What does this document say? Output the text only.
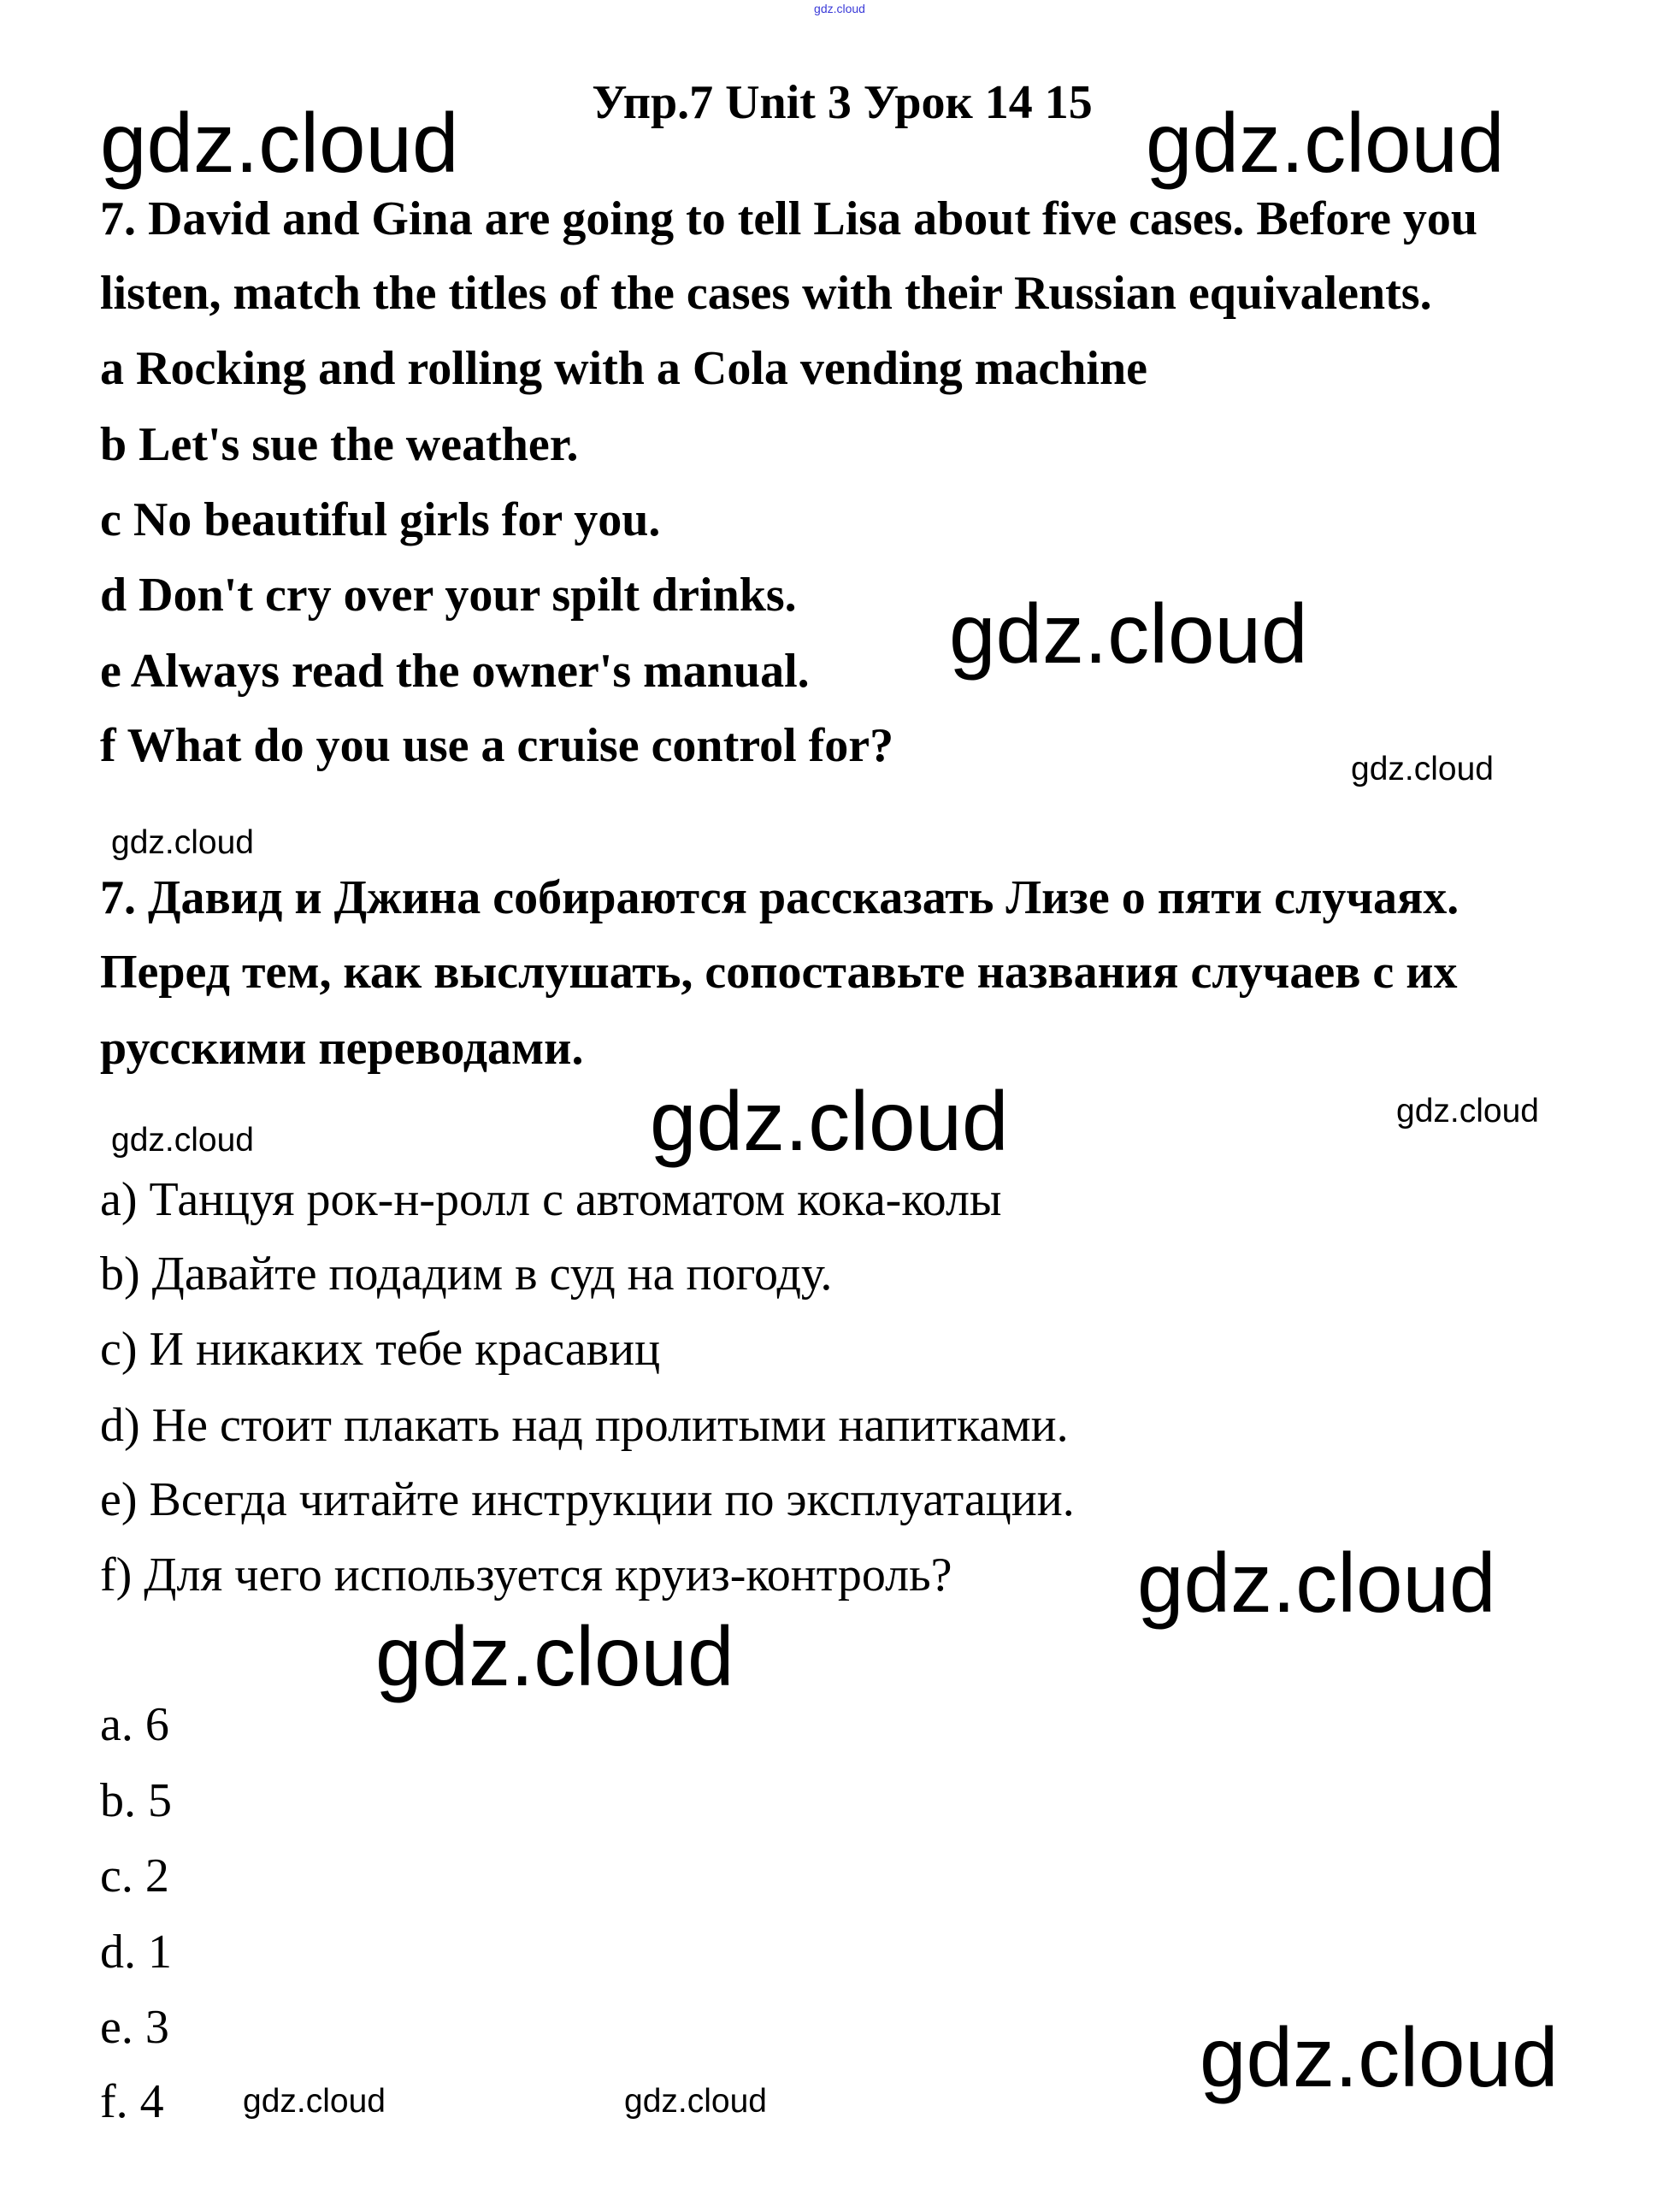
gdz.cloud
Упр.7 Unit 3 Урок 14 15
gdz.cloud	gdz.cloud
7. David and Gina are going to tell Lisa about five cases. Before you
listen, match the titles of the cases with their Russian equivalents.
a Rocking and rolling with a Cola vending machine
b Let's sue the weather.
c No beautiful girls for you.
d Don't cry over your spilt drinks.
e Always read the owner's manual.
f What do you use a cruise control for?
gdz.cloud
gdz.cloud
gdz.cloud
7. Давид и Джина собираются рассказать Лизе о пяти случаях.
Перед тем, как выслушать, сопоставьте названия случаев с их
русскими переводами.
gdz.cloud	gdz.cloud
gdz.cloud
a) Танцуя рок-н-ролл с автоматом кока-колы
b) Давайте подадим в суд на погоду.
c) И никаких тебе красавиц
d) Не стоит плакать над пролитыми напитками.
e) Всегда читайте инструкции по эксплуатации.
f) Для чего используется круиз-контроль? gdz.cloud
gdz.cloud
a. 6
b. 5
c. 2
d. 1
e. 3
f. 4 gdz.cloud	gdz.cloud	gdz.cloud
